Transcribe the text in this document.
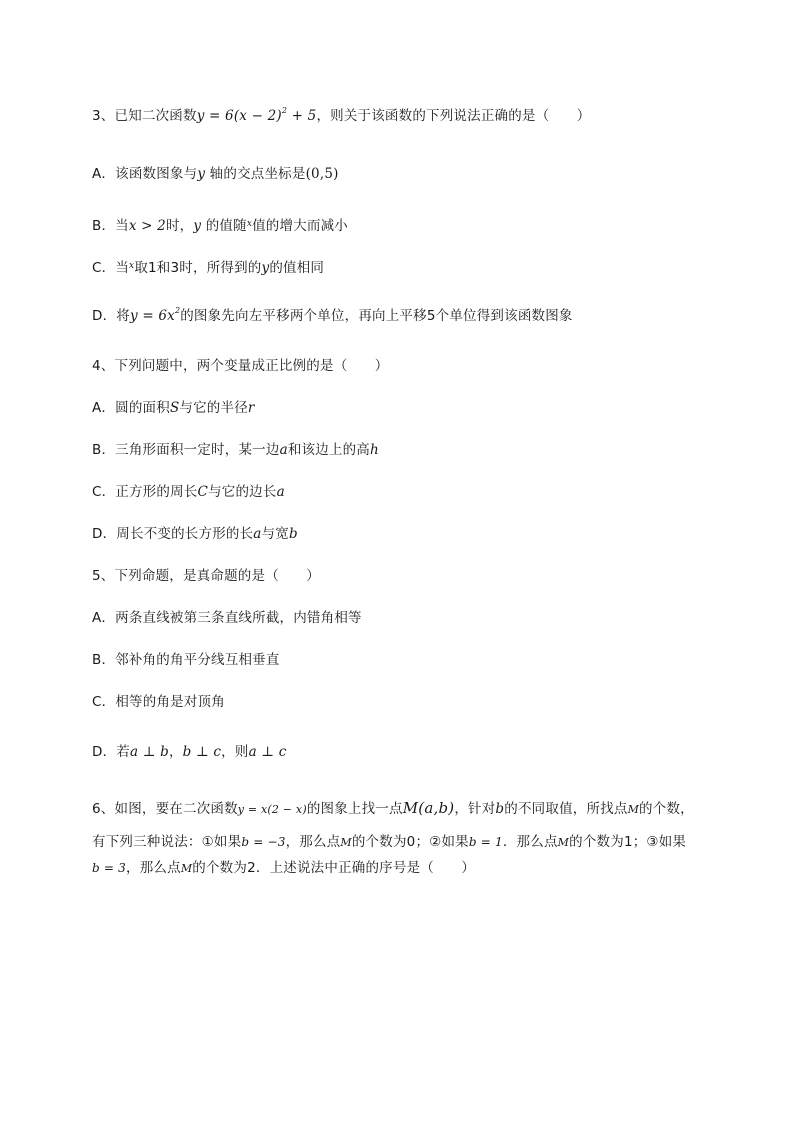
3、已知二次函数$y = 6(x - 2)^2 + 5$，则关于该函数的下列说法正确的是（　　）
A．该函数图象与y 轴的交点坐标是(0,5)
B．当x > 2时，y 的值随$^x$值的增大而减小
C．当$^x$取1和3时，所得到的y的值相同
D．将$y = 6x^2$的图象先向左平移两个单位，再向上平移5个单位得到该函数图象
4、下列问题中，两个变量成正比例的是（　　）
A．圆的面积S与它的半径r
B．三角形面积一定时，某一边a和该边上的高h
C．正方形的周长C与它的边长a
D．周长不变的长方形的长a与宽b
5、下列命题，是真命题的是（　　）
A．两条直线被第三条直线所截，内错角相等
B．邻补角的角平分线互相垂直
C．相等的角是对顶角
D．若a ⊥ b，b ⊥ c，则a ⊥ c
6、如图，要在二次函数y = x(2 − x)的图象上找一点M(a,b)，针对b的不同取值，所找点M的个数，
有下列三种说法：①如果b = −3，那么点M的个数为0；②如果b = 1．那么点M的个数为1；③如果
b = 3，那么点M的个数为2．上述说法中正确的序号是（　　）
